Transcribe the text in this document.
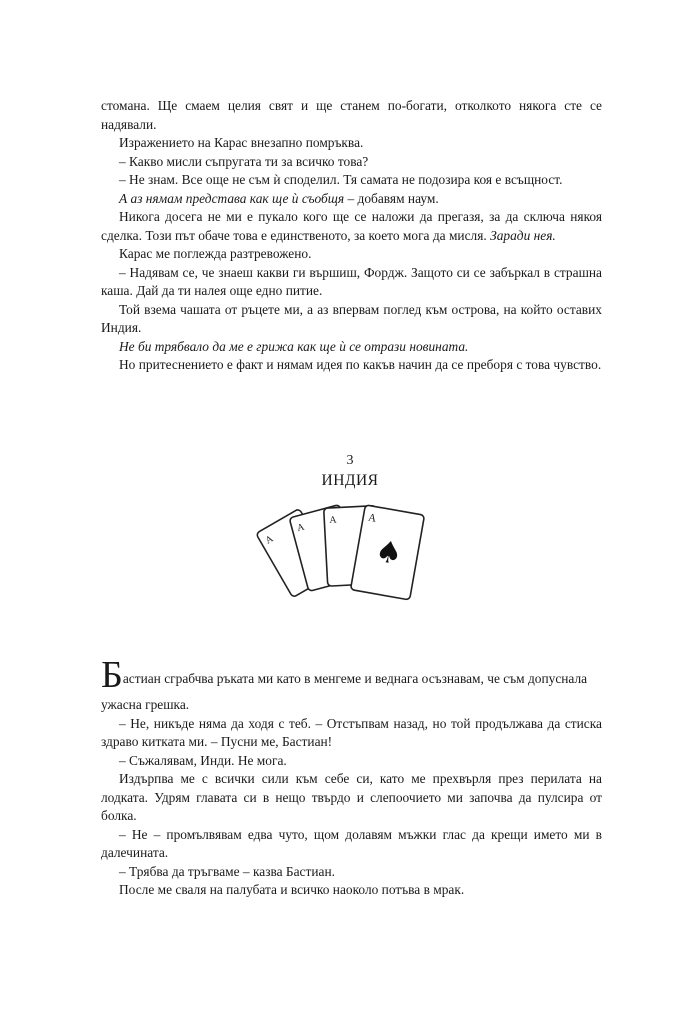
стомана. Ще смаем целия свят и ще станем по-богати, отколкото някога сте се надявали.

Изражението на Карас внезапно помръква.

– Какво мисли съпругата ти за всичко това?

– Не знам. Все още не съм ѝ споделил. Тя самата не подозира коя е всъщност.

А аз нямам представа как ще ѝ съобщя – добавям наум.

Никога досега не ми е пукало кого ще се наложи да прегазя, за да сключа някоя сделка. Този път обаче това е единственото, за което мога да мисля. Заради нея.

Карас ме поглежда разтревожено.

– Надявам се, че знаеш какви ги вършиш, Фордж. Защото си се забъркал в страшна каша. Дай да ти налея още едно питие.

Той взема чашата от ръцете ми, а аз впервам поглед към острова, на който оставих Индия.

Не би трябвало да ме е грижа как ще ѝ се отрази новината.

Но притеснението е факт и нямам идея по какъв начин да се преборя с това чувство.

3
ИНДИЯ
A
A
A	A
♠

Бастиан сграбчва ръката ми като в менгеме и веднага осъзнавам, че съм допуснала

ужасна грешка.

– Не, никъде няма да ходя с теб. – Отстъпвам назад, но той продължава да стиска здраво китката ми. – Пусни ме, Бастиан!

– Съжалявам, Инди. Не мога.

Издърпва ме с всички сили към себе си, като ме прехвърля през перилата на лодката. Удрям главата си в нещо твърдо и слепоочието ми започва да пулсира от болка.

– Не – промълвявам едва чуто, щом долавям мъжки глас да крещи името ми в далечината.

– Трябва да тръгваме – казва Бастиан.

После ме сваля на палубата и всичко наоколо потъва в мрак.
